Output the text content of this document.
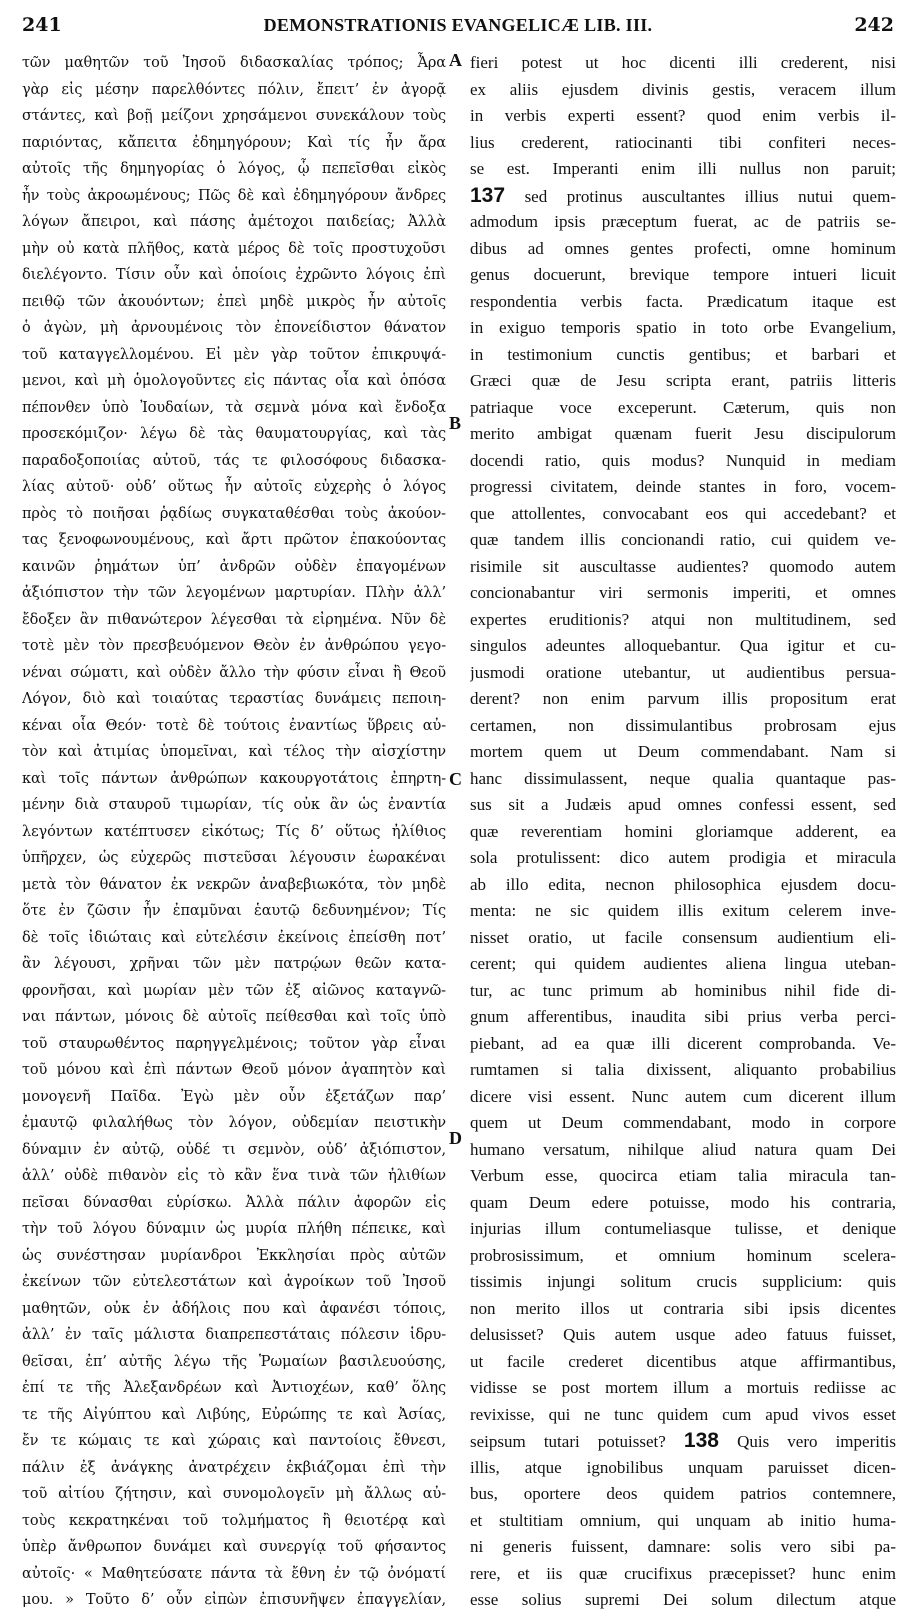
241	DEMONSTRATIONIS EVANGELICÆ LIB. III.	242
τῶν μαθητῶν τοῦ Ἰησοῦ διδασκαλίας τρόπος; Ἆρα
γὰρ εἰς μέσην παρελθόντες πόλιν, ἔπειτ’ ἐν ἀγορᾷ
στάντες, καὶ βοῇ μείζονι χρησάμενοι συνεκάλουν τοὺς
παριόντας, κἄπειτα ἐδημηγόρουν; Καὶ τίς ἦν ἄρα
αὐτοῖς τῆς δημηγορίας ὁ λόγος, ᾧ πεπεῖσθαι εἰκὸς
ἦν τοὺς ἀκροωμένους; Πῶς δὲ καὶ ἐδημηγόρουν ἄνδρες
λόγων ἄπειροι, καὶ πάσης ἀμέτοχοι παιδείας; Ἀλλὰ
μὴν οὐ κατὰ πλῆθος, κατὰ μέρος δὲ τοῖς προστυχοῦσι
διελέγοντο. Τίσιν οὖν καὶ ὁποίοις ἐχρῶντο λόγοις ἐπὶ
πειθῷ τῶν ἀκουόντων; ἐπεὶ μηδὲ μικρὸς ἦν αὐτοῖς
ὁ ἀγὼν, μὴ ἀρνουμένοις τὸν ἐπονείδιστον θάνατον
τοῦ καταγγελλομένου. Εἰ μὲν γὰρ τοῦτον ἐπικρυψά-
μενοι, καὶ μὴ ὁμολογοῦντες εἰς πάντας οἷα καὶ ὁπόσα
πέπονθεν ὑπὸ Ἰουδαίων, τὰ σεμνὰ μόνα καὶ ἔνδοξα
προσεκόμιζον· λέγω δὲ τὰς θαυματουργίας, καὶ τὰς
παραδοξοποιίας αὐτοῦ, τάς τε φιλοσόφους διδασκα-
λίας αὐτοῦ· οὐδ’ οὕτως ἦν αὐτοῖς εὐχερὴς ὁ λόγος
πρὸς τὸ ποιῆσαι ῥᾳδίως συγκαταθέσθαι τοὺς ἀκούον-
τας ξενοφωνουμένους, καὶ ἄρτι πρῶτον ἐπακούοντας
καινῶν ῥημάτων ὑπ’ ἀνδρῶν οὐδὲν ἐπαγομένων
ἀξιόπιστον τὴν τῶν λεγομένων μαρτυρίαν. Πλὴν ἀλλ’
ἔδοξεν ἂν πιθανώτερον λέγεσθαι τὰ εἰρημένα. Νῦν δὲ
τοτὲ μὲν τὸν πρεσβευόμενον Θεὸν ἐν ἀνθρώπου γεγο-
νέναι σώματι, καὶ οὐδὲν ἄλλο τὴν φύσιν εἶναι ἢ Θεοῦ
Λόγον, διὸ καὶ τοιαύτας τεραστίας δυνάμεις πεποιη-
κέναι οἷα Θεόν· τοτὲ δὲ τούτοις ἐναντίως ὕβρεις αὐ-
τὸν καὶ ἀτιμίας ὑπομεῖναι, καὶ τέλος τὴν αἰσχίστην
καὶ τοῖς πάντων ἀνθρώπων κακουργοτάτοις ἐπηρτη-
μένην διὰ σταυροῦ τιμωρίαν, τίς οὐκ ἂν ὡς ἐναντία
λεγόντων κατέπτυσεν εἰκότως; Τίς δ’ οὕτως ἠλίθιος
ὑπῆρχεν, ὡς εὐχερῶς πιστεῦσαι λέγουσιν ἑωρακέναι
μετὰ τὸν θάνατον ἐκ νεκρῶν ἀναβεβιωκότα, τὸν μηδὲ
ὅτε ἐν ζῶσιν ἦν ἐπαμῦναι ἑαυτῷ δεδυνημένον; Τίς
δὲ τοῖς ἰδιώταις καὶ εὐτελέσιν ἐκείνοις ἐπείσθη ποτ’
ἂν λέγουσι, χρῆναι τῶν μὲν πατρῴων θεῶν κατα-
φρονῆσαι, καὶ μωρίαν μὲν τῶν ἐξ αἰῶνος καταγνῶ-
ναι πάντων, μόνοις δὲ αὐτοῖς πείθεσθαι καὶ τοῖς ὑπὸ
τοῦ σταυρωθέντος παρηγγελμένοις; τοῦτον γὰρ εἶναι
τοῦ μόνου καὶ ἐπὶ πάντων Θεοῦ μόνον ἀγαπητὸν καὶ
μονογενῆ Παῖδα. Ἐγὼ μὲν οὖν ἐξετάζων παρ’
ἐμαυτῷ φιλαλήθως τὸν λόγον, οὐδεμίαν πειστικὴν
δύναμιν ἐν αὐτῷ, οὐδέ τι σεμνὸν, οὐδ’ ἀξιόπιστον,
ἀλλ’ οὐδὲ πιθανὸν εἰς τὸ κἂν ἕνα τινὰ τῶν ἠλιθίων
πεῖσαι δύνασθαι εὑρίσκω. Ἀλλὰ πάλιν ἀφορῶν εἰς
τὴν τοῦ λόγου δύναμιν ὡς μυρία πλήθη πέπεικε, καὶ
ὡς συνέστησαν μυρίανδροι Ἐκκλησίαι πρὸς αὐτῶν
ἐκείνων τῶν εὐτελεστάτων καὶ ἀγροίκων τοῦ Ἰησοῦ
μαθητῶν, οὐκ ἐν ἀδήλοις που καὶ ἀφανέσι τόποις,
ἀλλ’ ἐν ταῖς μάλιστα διαπρεπεστάταις πόλεσιν ἱδρυ-
θεῖσαι, ἐπ’ αὐτῆς λέγω τῆς Ῥωμαίων βασιλευούσης,
ἐπί τε τῆς Ἀλεξανδρέων καὶ Ἀντιοχέων, καθ’ ὅλης
τε τῆς Αἰγύπτου καὶ Λιβύης, Εὐρώπης τε καὶ Ἀσίας,
ἔν τε κώμαις τε καὶ χώραις καὶ παντοίοις ἔθνεσι,
πάλιν ἐξ ἀνάγκης ἀνατρέχειν ἐκβιάζομαι ἐπὶ τὴν
τοῦ αἰτίου ζήτησιν, καὶ συνομολογεῖν μὴ ἄλλως αὐ-
τοὺς κεκρατηκέναι τοῦ τολμήματος ἢ θειοτέρᾳ καὶ
ὑπὲρ ἄνθρωπον δυνάμει καὶ συνεργίᾳ τοῦ φήσαντος
αὐτοῖς· « Μαθητεύσατε πάντα τὰ ἔθνη ἐν τῷ ὀνόματί
μου. » Τοῦτο δ’ οὖν εἰπὼν ἐπισυνῆψεν ἐπαγγελίαν,
A
B
C
D
fieri potest ut hoc dicenti illi crederent, nisi
ex aliis ejusdem divinis gestis, veracem illum
in verbis experti essent? quod enim verbis il-
lius crederent, ratiocinanti tibi confiteri neces-
se est. Imperanti enim illi nullus non paruit;
137 sed protinus auscultantes illius nutui quem-
admodum ipsis præceptum fuerat, ac de patriis se-
dibus ad omnes gentes profecti, omne hominum
genus docuerunt, brevique tempore intueri licuit
respondentia verbis facta. Prædicatum itaque est
in exiguo temporis spatio in toto orbe Evangelium,
in testimonium cunctis gentibus; et barbari et
Græci quæ de Jesu scripta erant, patriis litteris
patriaque voce exceperunt. Cæterum, quis non
merito ambigat quænam fuerit Jesu discipulorum
docendi ratio, quis modus? Nunquid in mediam
progressi civitatem, deinde stantes in foro, vocem-
que attollentes, convocabant eos qui accedebant? et
quæ tandem illis concionandi ratio, cui quidem ve-
risimile sit auscultasse audientes? quomodo autem
concionabantur viri sermonis imperiti, et omnes
expertes eruditionis? atqui non multitudinem, sed
singulos adeuntes alloquebantur. Qua igitur et cu-
jusmodi oratione utebantur, ut audientibus persua-
derent? non enim parvum illis propositum erat
certamen, non dissimulantibus probrosam ejus
mortem quem ut Deum commendabant. Nam si
hanc dissimulassent, neque qualia quantaque pas-
sus sit a Judæis apud omnes confessi essent, sed
quæ reverentiam homini gloriamque adderent, ea
sola protulissent: dico autem prodigia et miracula
ab illo edita, necnon philosophica ejusdem docu-
menta: ne sic quidem illis exitum celerem inve-
nisset oratio, ut facile consensum audientium eli-
cerent; qui quidem audientes aliena lingua uteban-
tur, ac tunc primum ab hominibus nihil fide di-
gnum afferentibus, inaudita sibi prius verba perci-
piebant, ad ea quæ illi dicerent comprobanda. Ve-
rumtamen si talia dixissent, aliquanto probabilius
dicere visi essent. Nunc autem cum dicerent illum
quem ut Deum commendabant, modo in corpore
humano versatum, nihilque aliud natura quam Dei
Verbum esse, quocirca etiam talia miracula tan-
quam Deum edere potuisse, modo his contraria,
injurias illum contumeliasque tulisse, et denique
probrosissimum, et omnium hominum scelera-
tissimis injungi solitum crucis supplicium: quis
non merito illos ut contraria sibi ipsis dicentes
delusisset? Quis autem usque adeo fatuus fuisset,
ut facile crederet dicentibus atque affirmantibus,
vidisse se post mortem illum a mortuis rediisse ac
revixisse, qui ne tunc quidem cum apud vivos esset
seipsum tutari potuisset? 138 Quis vero imperitis
illis, atque ignobilibus unquam paruisset dicen-
bus, oportere deos quidem patrios contemnere,
et stultitiam omnium, qui unquam ab initio huma-
ni generis fuissent, damnare: solis vero sibi pa-
rere, et iis quæ crucifixus præcepisset? hunc enim
esse solius supremi Dei solum dilectum atque
